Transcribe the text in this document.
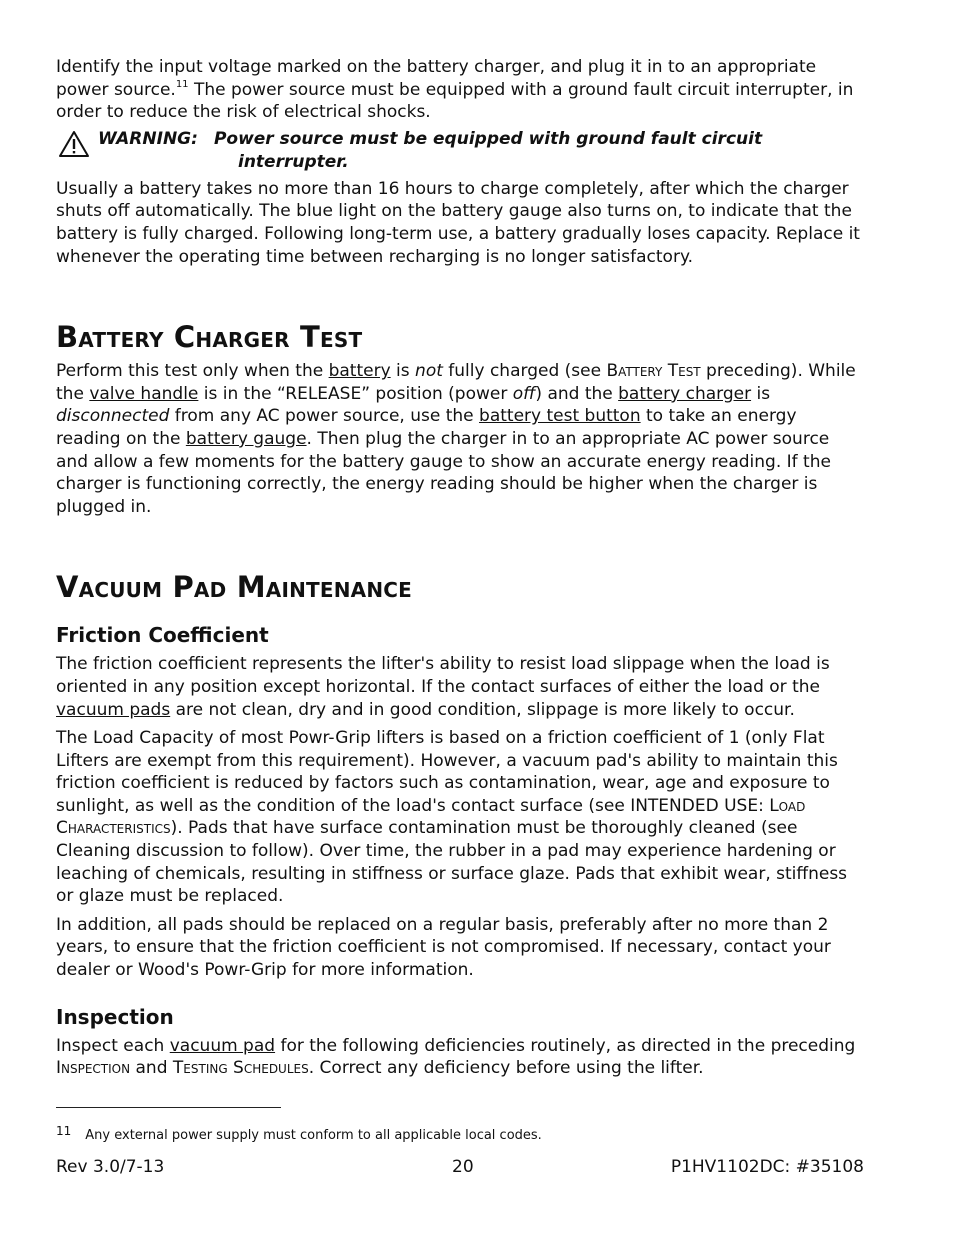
Identify the input voltage marked on the battery charger, and plug it in to an appropriate power source.$^{11}$ The power source must be equipped with a ground fault circuit interrupter, in order to reduce the risk of electrical shocks.

WARNING: Power source must be equipped with ground fault circuit
interrupter.

Usually a battery takes no more than 16 hours to charge completely, after which the charger shuts off automatically. The blue light on the battery gauge also turns on, to indicate that the battery is fully charged. Following long-term use, a battery gradually loses capacity. Replace it whenever the operating time between recharging is no longer satisfactory.

Battery Charger Test

Perform this test only when the battery is not fully charged (see Battery Test preceding). While the valve handle is in the “RELEASE” position (power off) and the battery charger is disconnected from any AC power source, use the battery test button to take an energy reading on the battery gauge. Then plug the charger in to an appropriate AC power source and allow a few moments for the battery gauge to show an accurate energy reading. If the charger is functioning correctly, the energy reading should be higher when the charger is plugged in.

Vacuum Pad Maintenance
Friction Coefficient

The friction coefficient represents the lifter's ability to resist load slippage when the load is oriented in any position except horizontal. If the contact surfaces of either the load or the vacuum pads are not clean, dry and in good condition, slippage is more likely to occur.

The Load Capacity of most Powr-Grip lifters is based on a friction coefficient of 1 (only Flat Lifters are exempt from this requirement). However, a vacuum pad's ability to maintain this friction coefficient is reduced by factors such as contamination, wear, age and exposure to sunlight, as well as the condition of the load's contact surface (see INTENDED USE: Load Characteristics). Pads that have surface contamination must be thoroughly cleaned (see Cleaning discussion to follow). Over time, the rubber in a pad may experience hardening or leaching of chemicals, resulting in stiffness or surface glaze. Pads that exhibit wear, stiffness or glaze must be replaced.

In addition, all pads should be replaced on a regular basis, preferably after no more than 2 years, to ensure that the friction coefficient is not compromised. If necessary, contact your dealer or Wood's Powr-Grip for more information.

Inspection

Inspect each vacuum pad for the following deficiencies routinely, as directed in the preceding Inspection and Testing Schedules. Correct any deficiency before using the lifter.

11 Any external power supply must conform to all applicable local codes.
Rev 3.0/7-13	20	P1HV1102DC: #35108
